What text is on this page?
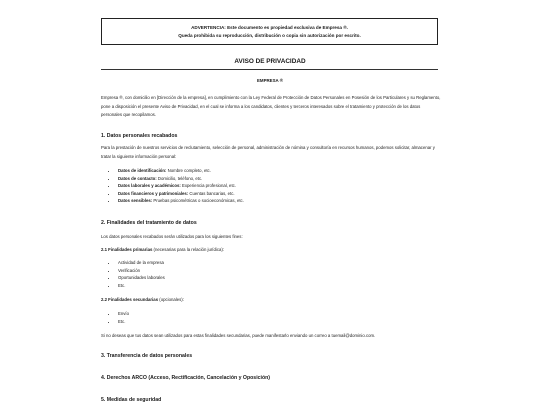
ADVERTENCIA: Este documento es propiedad exclusiva de Empresa ®.
Queda prohibida su reproducción, distribución o copia sin autorización por escrito.
AVISO DE PRIVACIDAD
EMPRESA ®
Empresa ®, con domicilio en [Dirección de la empresa], en cumplimiento con la Ley Federal de Protección de Datos Personales en Posesión de los Particulares y su Reglamento, pone a disposición el presente Aviso de Privacidad, en el cual se informa a los candidatos, clientes y terceros interesados sobre el tratamiento y protección de los datos personales que recopilamos.
1. Datos personales recabados

Para la prestación de nuestros servicios de reclutamiento, selección de personal, administración de nómina y consultoría en recursos humanos, podemos solicitar, almacenar y tratar la siguiente información personal:

• Datos de identificación: Nombre completo, etc.
• Datos de contacto: Domicilio, teléfono, etc.
• Datos laborales y académicos: Experiencia profesional, etc.
• Datos financieros y patrimoniales: Cuentas bancarias, etc.
• Datos sensibles: Pruebas psicométricas o socioeconómicas, etc.
2. Finalidades del tratamiento de datos

Los datos personales recabados serán utilizados para los siguientes fines:

2.1 Finalidades primarias (necesarias para la relación jurídica):

• Actividad de la empresa
• Verificación
• Oportunidades laborales
• Etc.

2.2 Finalidades secundarias (opcionales):

• Envío
• Etc.

Si no deseas que tus datos sean utilizados para estas finalidades secundarias, puede manifestarlo enviando un correo a tuemail@dominio.com.

3. Transferencia de datos personales
4. Derechos ARCO (Acceso, Rectificación, Cancelación y Oposición)
5. Medidas de seguridad
